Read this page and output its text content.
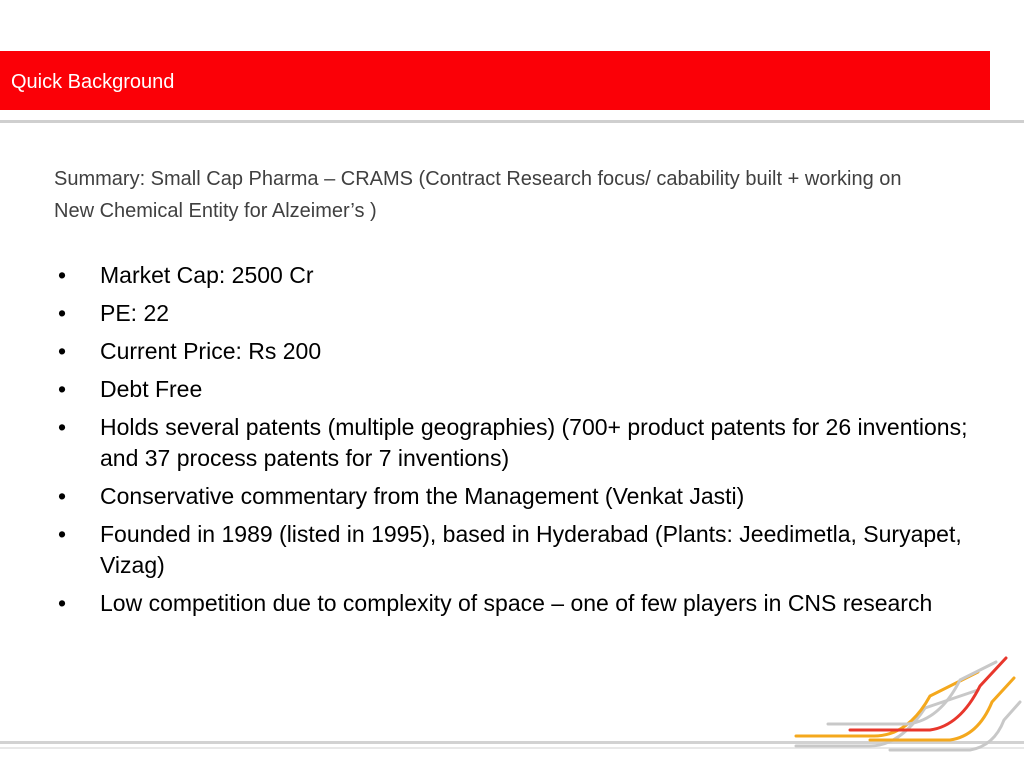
Quick Background
Summary: Small Cap Pharma – CRAMS (Contract Research focus/ cabability built + working on New Chemical Entity for Alzeimer’s )
•	Market Cap: 2500 Cr
•	PE: 22
•	Current Price: Rs 200
•	Debt Free
•	Holds several patents (multiple geographies) (700+ product patents for 26 inventions; and 37 process patents for 7 inventions)
•	Conservative commentary from the Management (Venkat Jasti)
•	Founded in 1989 (listed in 1995), based in Hyderabad (Plants: Jeedimetla, Suryapet, Vizag)
•	Low competition due to complexity of space – one of few players in CNS research
